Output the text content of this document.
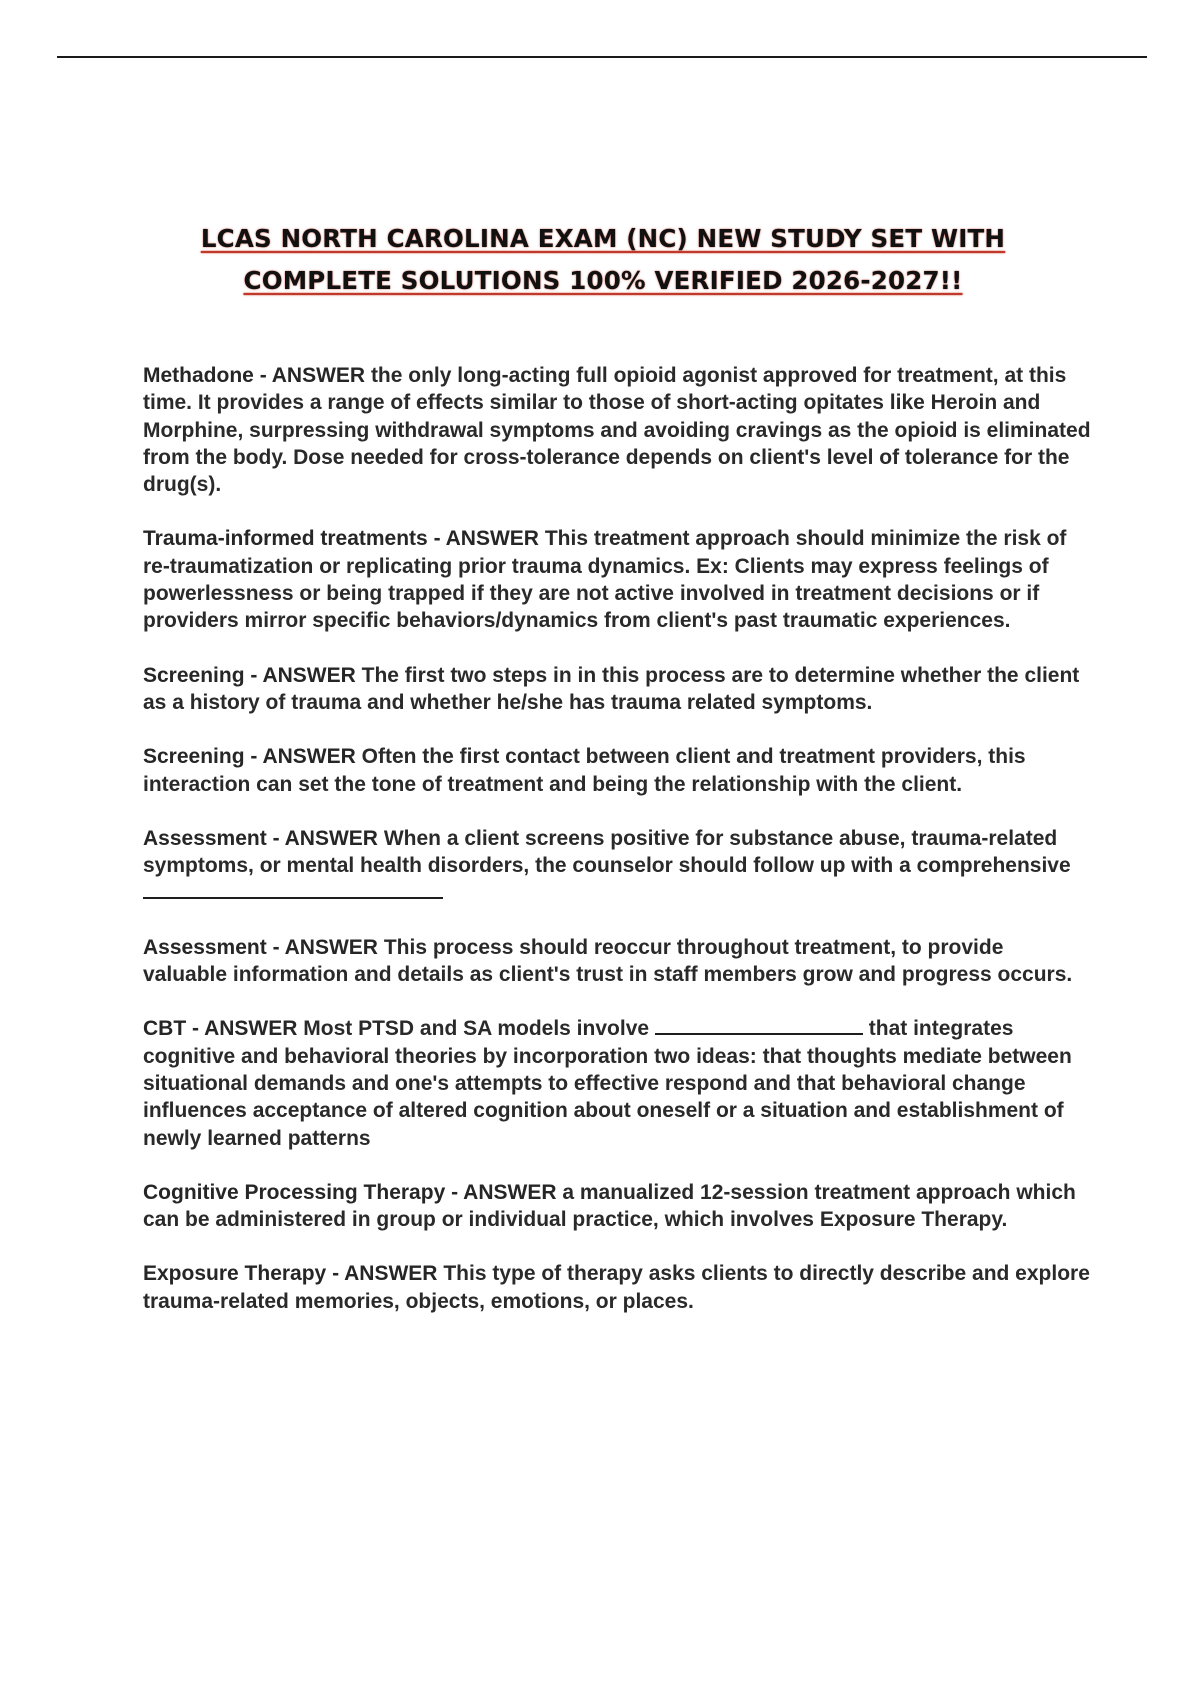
LCAS NORTH CAROLINA EXAM (NC) NEW STUDY SET WITH
COMPLETE SOLUTIONS 100% VERIFIED 2026-2027!!

Methadone - ANSWER the only long-acting full opioid agonist approved for treatment, at this time. It provides a range of effects similar to those of short-acting opitates like Heroin and Morphine, surpressing withdrawal symptoms and avoiding cravings as the opioid is eliminated from the body. Dose needed for cross-tolerance depends on client's level of tolerance for the drug(s).

Trauma-informed treatments - ANSWER This treatment approach should minimize the risk of re-traumatization or replicating prior trauma dynamics. Ex: Clients may express feelings of powerlessness or being trapped if they are not active involved in treatment decisions or if providers mirror specific behaviors/dynamics from client's past traumatic experiences.

Screening - ANSWER The first two steps in in this process are to determine whether the client as a history of trauma and whether he/she has trauma related symptoms.

Screening - ANSWER Often the first contact between client and treatment providers, this interaction can set the tone of treatment and being the relationship with the client.

Assessment - ANSWER When a client screens positive for substance abuse, trauma-related symptoms, or mental health disorders, the counselor should follow up with a comprehensive

Assessment - ANSWER This process should reoccur throughout treatment, to provide valuable information and details as client's trust in staff members grow and progress occurs.

CBT - ANSWER Most PTSD and SA models involve	that integrates cognitive and behavioral theories by incorporation two ideas: that thoughts mediate between situational demands and one's attempts to effective respond and that behavioral change influences acceptance of altered cognition about oneself or a situation and establishment of newly learned patterns

Cognitive Processing Therapy - ANSWER a manualized 12-session treatment approach which can be administered in group or individual practice, which involves Exposure Therapy.

Exposure Therapy - ANSWER This type of therapy asks clients to directly describe and explore trauma-related memories, objects, emotions, or places.
